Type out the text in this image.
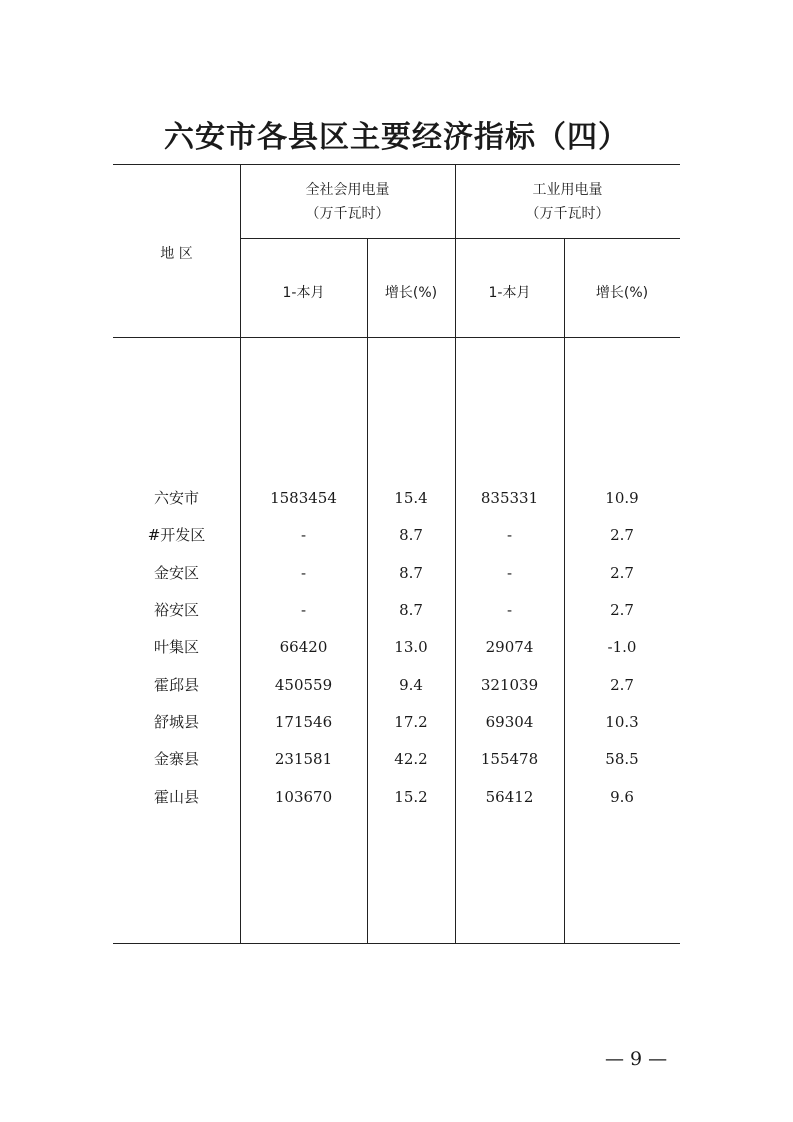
六安市各县区主要经济指标（四）
地 区
全社会用电量
（万千瓦时）
工业用电量
（万千瓦时）
1-本月	增长(%)	1-本月	增长(%)
六安市	1583454	15.4	835331	10.9
#开发区	-	8.7	-	2.7
金安区	-	8.7	-	2.7
裕安区	-	8.7	-	2.7
叶集区	66420	13.0	29074	-1.0
霍邱县	450559	9.4	321039	2.7
舒城县	171546	17.2	69304	10.3
金寨县	231581	42.2	155478	58.5
霍山县	103670	15.2	56412	9.6
— 9 —
